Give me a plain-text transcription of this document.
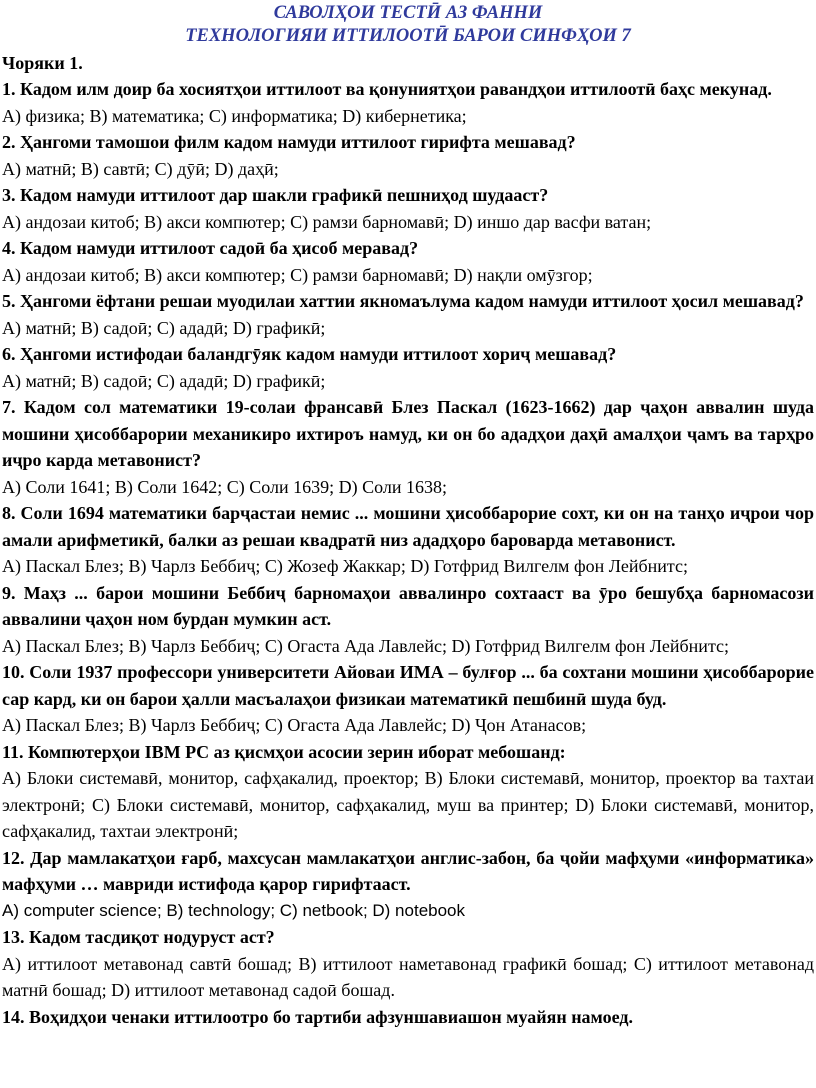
САВОЛҲОИ ТЕСТӢ АЗ ФАННИ
ТЕХНОЛОГИЯИ ИТТИЛООТӢ БАРОИ СИНФҲОИ 7
Чоряки 1.

1. Кадом илм доир ба хосиятҳои иттилоот ва қонуниятҳои равандҳои иттилоотӣ баҳс мекунад.

A) физика; B) математика; C) информатика; D) кибернетика;

2. Ҳангоми тамошои филм кадом намуди иттилоот гирифта мешавад?

A) матнӣ; B) савтӣ; C) дӯӣ; D) даҳӣ;

3. Кадом намуди иттилоот дар шакли графикӣ пешниҳод шудааст?

A) андозаи китоб; B) акси компютер; C) рамзи барномавӣ; D) иншо дар васфи ватан;

4. Кадом намуди иттилоот садоӣ ба ҳисоб меравад?

A) андозаи китоб; B) акси компютер; C) рамзи барномавӣ; D) нақли омӯзгор;

5. Ҳангоми ёфтани решаи муодилаи хаттии якномаълума кадом намуди иттилоот ҳосил мешавад?

A) матнӣ; B) садоӣ; C) ададӣ; D) графикӣ;

6. Ҳангоми истифодаи баландгӯяк кадом намуди иттилоот хориҷ мешавад?

A) матнӣ; B) садоӣ; C) ададӣ; D) графикӣ;

7. Кадом сол математики 19-солаи франсавӣ Блез Паскал (1623-1662) дар ҷаҳон аввалин шуда мошини ҳисоббарории механикиро ихтироъ намуд, ки он бо ададҳои даҳӣ амалҳои ҷамъ ва тарҳро иҷро карда метавонист?

A) Соли 1641; B) Соли 1642; C) Соли 1639; D) Соли 1638;

8. Соли 1694 математики барҷастаи немис ... мошини ҳисоббарорие сохт, ки он на танҳо иҷрои чор амали арифметикӣ, балки аз решаи квадратӣ низ ададҳоро бароварда метавонист.

A) Паскал Блез; B) Чарлз Беббиҷ; C) Жозеф Жаккар; D) Готфрид Вилгелм фон Лейбнитс;

9. Маҳз ... барои мошини Беббиҷ барномаҳои аввалинро сохтааст ва ӯро бешубҳа барномасози аввалини ҷаҳон ном бурдан мумкин аст.

A) Паскал Блез; B) Чарлз Беббиҷ; C) Огаста Ада Лавлейс; D) Готфрид Вилгелм фон Лейбнитс;

10. Соли 1937 профессори университети Айоваи ИМА – булғор ... ба сохтани мошини ҳисоббарорие сар кард, ки он барои ҳалли масъалаҳои физикаи математикӣ пешбинӣ шуда буд.

A) Паскал Блез; B) Чарлз Беббиҷ; C) Огаста Ада Лавлейс; D) Ҷон Атанасов;

11. Компютерҳои IBM PC аз қисмҳои асосии зерин иборат мебошанд:

A) Блоки системавӣ, монитор, сафҳакалид, проектор; B) Блоки системавӣ, монитор, проектор ва тахтаи электронӣ; C) Блоки системавӣ, монитор, сафҳакалид, муш ва принтер; D) Блоки системавӣ, монитор, сафҳакалид, тахтаи электронӣ;

12. Дар мамлакатҳои ғарб, махсусан мамлакатҳои англис-забон, ба ҷойи мафҳуми «информатика» мафҳуми … мавриди истифода қарор гирифтааст.

A) computer science; B) technology; C) netbook; D) notebook

13. Кадом тасдиқот нодуруст аст?

A) иттилоот метавонад савтӣ бошад; B) иттилоот наметавонад графикӣ бошад; C) иттилоот метавонад матнӣ бошад; D) иттилоот метавонад садоӣ бошад.

14. Воҳидҳои ченаки иттилоотро бо тартиби афзуншавиашон муайян намоед.
